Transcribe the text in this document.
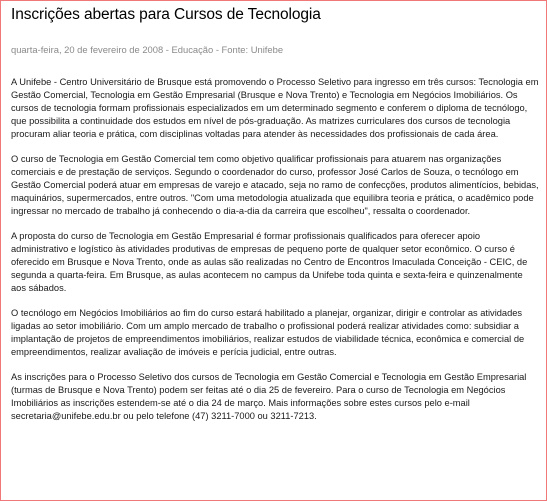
Inscrições abertas para Cursos de Tecnologia
quarta-feira, 20 de fevereiro de 2008 - Educação - Fonte: Unifebe

A Unifebe - Centro Universitário de Brusque está promovendo o Processo Seletivo para ingresso em três cursos: Tecnologia em Gestão Comercial, Tecnologia em Gestão Empresarial (Brusque e Nova Trento) e Tecnologia em Negócios Imobiliários. Os cursos de tecnologia formam profissionais especializados em um determinado segmento e conferem o diploma de tecnólogo, que possibilita a continuidade dos estudos em nível de pós-graduação. As matrizes curriculares dos cursos de tecnologia procuram aliar teoria e prática, com disciplinas voltadas para atender às necessidades dos profissionais de cada área.

O curso de Tecnologia em Gestão Comercial tem como objetivo qualificar profissionais para atuarem nas organizações comerciais e de prestação de serviços. Segundo o coordenador do curso, professor José Carlos de Souza, o tecnólogo em Gestão Comercial poderá atuar em empresas de varejo e atacado, seja no ramo de confecções, produtos alimentícios, bebidas, maquinários, supermercados, entre outros. "Com uma metodologia atualizada que equilibra teoria e prática, o acadêmico pode ingressar no mercado de trabalho já conhecendo o dia-a-dia da carreira que escolheu", ressalta o coordenador.

A proposta do curso de Tecnologia em Gestão Empresarial é formar profissionais qualificados para oferecer apoio administrativo e logístico às atividades produtivas de empresas de pequeno porte de qualquer setor econômico. O curso é oferecido em Brusque e Nova Trento, onde as aulas são realizadas no Centro de Encontros Imaculada Conceição - CEIC, de segunda a quarta-feira. Em Brusque, as aulas acontecem no campus da Unifebe toda quinta e sexta-feira e quinzenalmente aos sábados.

O tecnólogo em Negócios Imobiliários ao fim do curso estará habilitado a planejar, organizar, dirigir e controlar as atividades ligadas ao setor imobiliário. Com um amplo mercado de trabalho o profissional poderá realizar atividades como: subsidiar a implantação de projetos de empreendimentos imobiliários, realizar estudos de viabilidade técnica, econômica e comercial de empreendimentos, realizar avaliação de imóveis e perícia judicial, entre outras.

As inscrições para o Processo Seletivo dos cursos de Tecnologia em Gestão Comercial e Tecnologia em Gestão Empresarial (turmas de Brusque e Nova Trento) podem ser feitas até o dia 25 de fevereiro. Para o curso de Tecnologia em Negócios Imobiliários as inscrições estendem-se até o dia 24 de março. Mais informações sobre estes cursos pelo e-mail secretaria@unifebe.edu.br ou pelo telefone (47) 3211-7000 ou 3211-7213.
